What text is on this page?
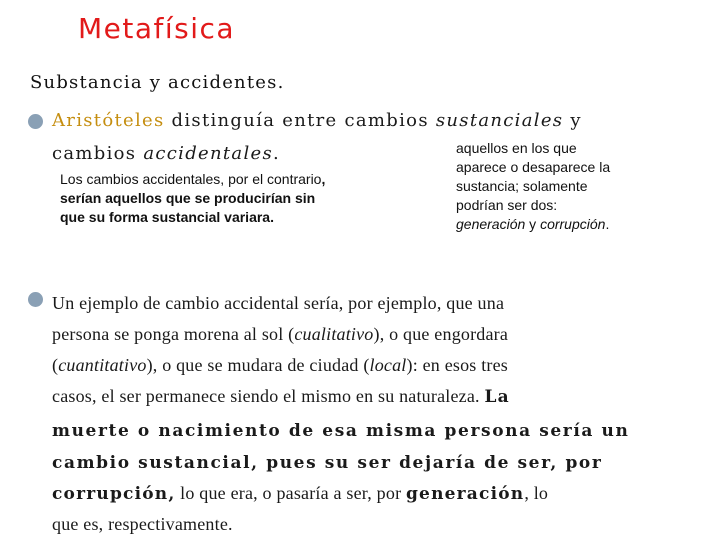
Metafísica
Substancia y accidentes.
Aristóteles distinguía entre cambios sustanciales y
cambios accidentales.
Los cambios accidentales, por el contrario, serían aquellos que se producirían sin que su forma sustancial variara.
aquellos en los que aparece o desaparece la sustancia; solamente podrían ser dos: generación y corrupción.
Un ejemplo de cambio accidental sería, por ejemplo, que una
persona se ponga morena al sol (cualitativo), o que engordara
(cuantitativo), o que se mudara de ciudad (local): en esos tres
casos, el ser permanece siendo el mismo en su naturaleza. La
muerte o nacimiento de esa misma persona sería un
cambio sustancial, pues su ser dejaría de ser, por
corrupción, lo que era, o pasaría a ser, por generación, lo
que es, respectivamente.
